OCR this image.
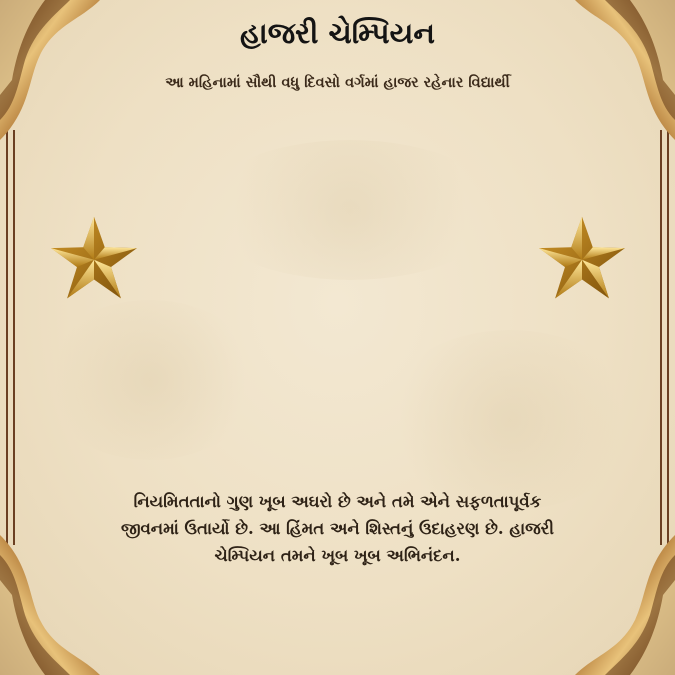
હાજરી ચેમ્પિયન

આ મહિનામાં સૌથી વધુ દિવસો વર્ગમાં હાજર રહેનાર વિદ્યાર્થી

નિયમિતતાનો ગુણ ખૂબ અઘરો છે અને તમે એને સફળતાપૂર્વક
જીવનમાં ઉતાર્યો છે. આ હિંમત અને શિસ્તનું ઉદાહરણ છે. હાજરી
ચેમ્પિયન તમને ખૂબ ખૂબ અભિનંદન.
